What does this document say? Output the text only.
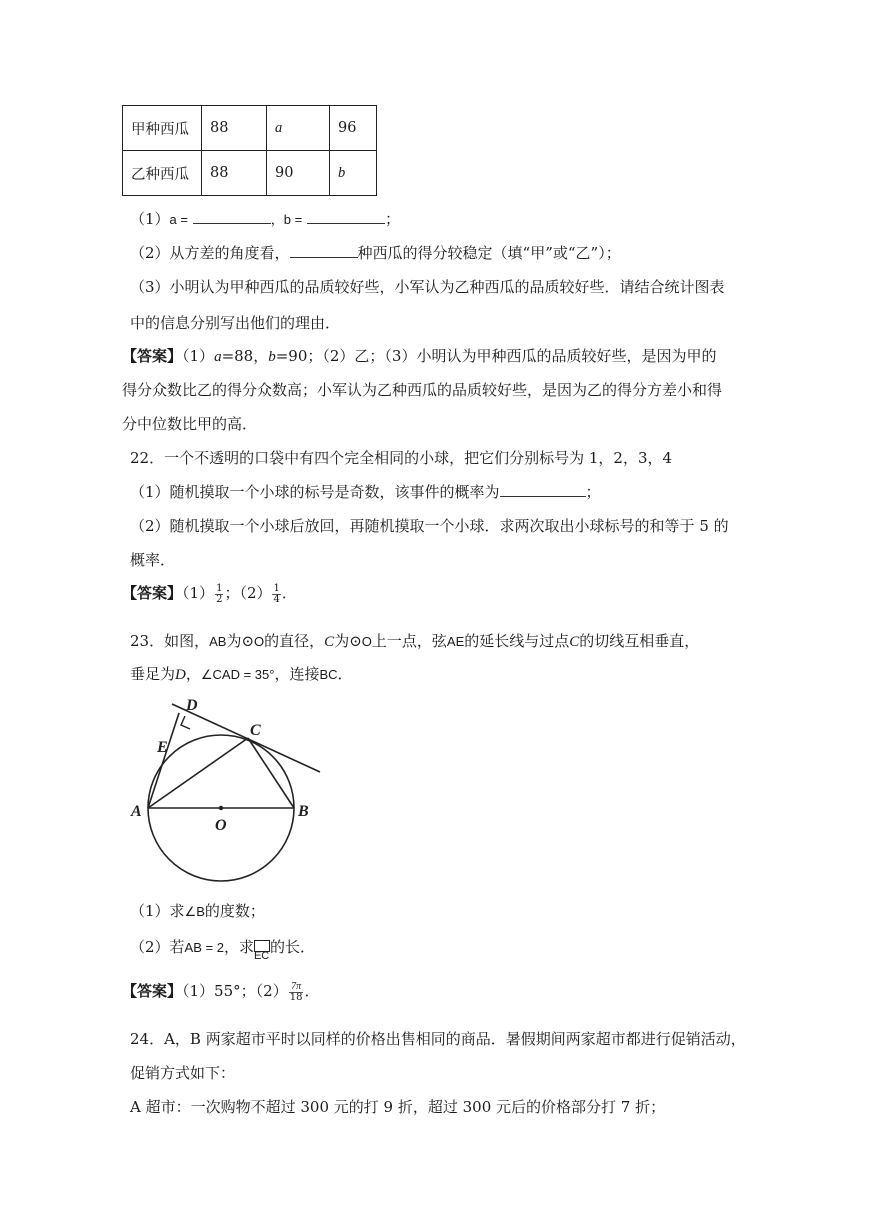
甲种西瓜	88	a	96
乙种西瓜	88	90	b
（1）a =	，b =	；
（2）从方差的角度看，	种西瓜的得分较稳定（填“甲”或“乙”）；
（3）小明认为甲种西瓜的品质较好些，小军认为乙种西瓜的品质较好些．请结合统计图表
中的信息分别写出他们的理由．
【答案】（1）a=88，b=90；（2）乙；（3）小明认为甲种西瓜的品质较好些，是因为甲的
得分众数比乙的得分众数高；小军认为乙种西瓜的品质较好些，是因为乙的得分方差小和得
分中位数比甲的高．
22．一个不透明的口袋中有四个完全相同的小球，把它们分别标号为 1，2，3，4
（1）随机摸取一个小球的标号是奇数，该事件的概率为	；
（2）随机摸取一个小球后放回，再随机摸取一个小球．求两次取出小球标号的和等于 5 的
概率．
【答案】$(1) \frac{1}{2}$ ；$(2) \frac{1}{4}$ ．
23．如图，AB为⊙O的直径，C为⊙O上一点，弦AE的延长线与过点C的切线互相垂直，
垂足为D，∠CAD = 35°，连接BC．
D
E
C
A
O
B
（1）求∠B的度数；
（2）若AB = 2，求 EC 的长．
【答案】（1）55°；$(2) \frac{7\pi}{18}$ ．
24．A，B 两家超市平时以同样的价格出售相同的商品．暑假期间两家超市都进行促销活动，
促销方式如下：
A 超市：一次购物不超过 300 元的打 9 折，超过 300 元后的价格部分打 7 折；
